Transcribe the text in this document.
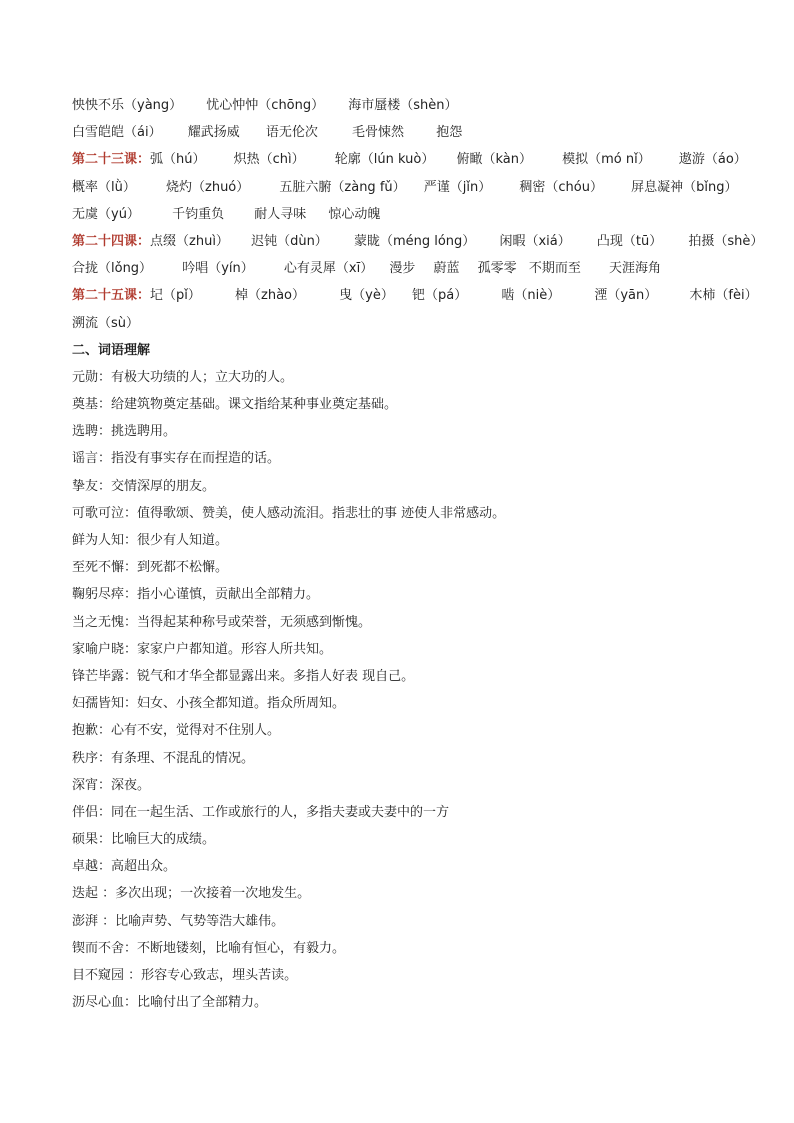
怏怏不乐（yàng） 忧心忡忡（chōng） 海市蜃楼（shèn）
白雪皑皑（ái） 耀武扬威 语无伦次	毛骨悚然 抱怨
第二十三课：弧（hú） 炽热（chì） 轮廓（lún kuò） 俯瞰（kàn） 模拟（mó nǐ） 遨游（áo）
概率（lǜ） 烧灼（zhuó） 五脏六腑（zàng fǔ） 严谨（jǐn） 稠密（chóu） 屏息凝神（bǐng）
无虞（yú） 千钧重负 耐人寻味 惊心动魄
第二十四课：点缀（zhuì） 迟钝（dùn） 蒙眬（méng lóng） 闲暇（xiá） 凸现（tū） 拍摄（shè）
合拢（lǒng） 吟唱（yín） 心有灵犀（xī） 漫步 蔚蓝 孤零零 不期而至 天涯海角
第二十五课：圮（pǐ）	棹（zhào）	曳（yè） 钯（pá）	啮（niè）	湮（yān） 木柿（fèi）
溯流（sù）
二、词语理解
元勋：有极大功绩的人；立大功的人。
奠基：给建筑物奠定基础。课文指给某种事业奠定基础。
选聘：挑选聘用。
谣言：指没有事实存在而捏造的话。
挚友：交情深厚的朋友。
可歌可泣：值得歌颂、赞美，使人感动流泪。指悲壮的事 迹使人非常感动。
鲜为人知：很少有人知道。
至死不懈：到死都不松懈。
鞠躬尽瘁：指小心谨慎，贡献出全部精力。
当之无愧：当得起某种称号或荣誉，无须感到惭愧。
家喻户晓：家家户户都知道。形容人所共知。
锋芒毕露：锐气和才华全都显露出来。多指人好表 现自己。
妇孺皆知：妇女、小孩全都知道。指众所周知。
抱歉：心有不安，觉得对不住别人。
秩序：有条理、不混乱的情况。
深宵：深夜。
伴侣：同在一起生活、工作或旅行的人，多指夫妻或夫妻中的一方
硕果：比喻巨大的成绩。
卓越：高超出众。
迭起 ：多次出现；一次接着一次地发生。
澎湃 ：比喻声势、气势等浩大雄伟。
锲而不舍：不断地镂刻，比喻有恒心，有毅力。
目不窥园 ：形容专心致志，埋头苦读。
沥尽心血：比喻付出了全部精力。
